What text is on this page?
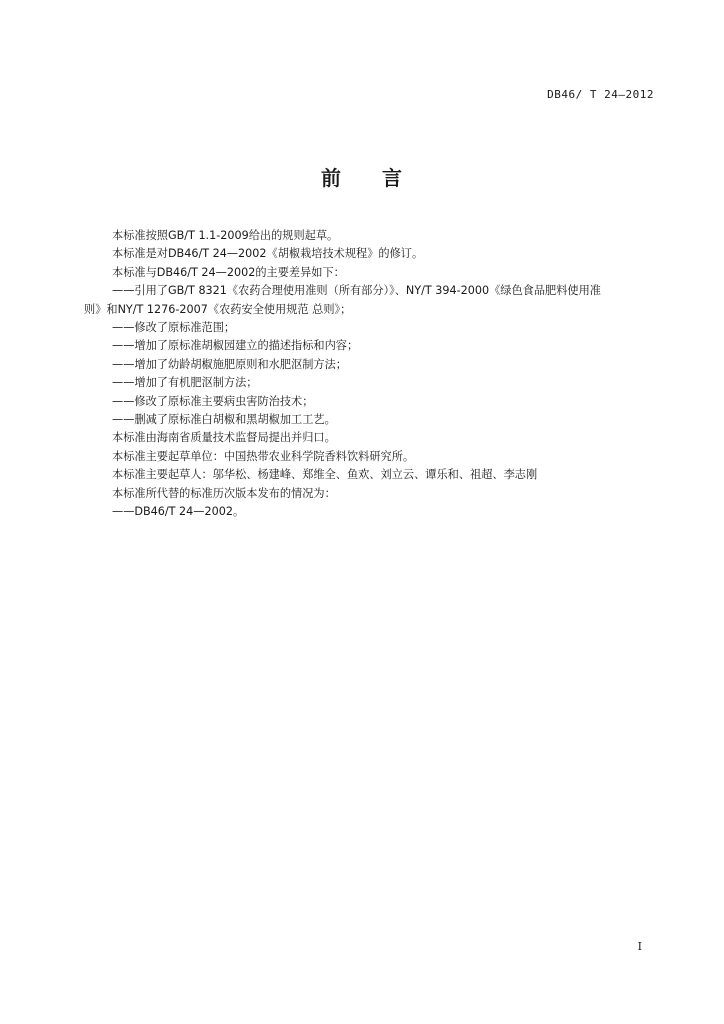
DB46/ T 24—2012
前 言

本标准按照GB/T 1.1-2009给出的规则起草。

本标准是对DB46/T 24—2002《胡椒栽培技术规程》的修订。

本标准与DB46/T 24—2002的主要差异如下：

——引用了GB/T 8321《农药合理使用准则（所有部分）》、NY/T 394-2000《绿色食品肥料使用准

则》和NY/T 1276-2007《农药安全使用规范 总则》；

——修改了原标准范围；

——增加了原标准胡椒园建立的描述指标和内容；

——增加了幼龄胡椒施肥原则和水肥沤制方法；

——增加了有机肥沤制方法；

——修改了原标准主要病虫害防治技术；

——删减了原标准白胡椒和黑胡椒加工工艺。

本标准由海南省质量技术监督局提出并归口。

本标准主要起草单位：中国热带农业科学院香料饮料研究所。

本标准主要起草人：邬华松、杨建峰、郑维全、鱼欢、刘立云、谭乐和、祖超、李志刚

本标准所代替的标准历次版本发布的情况为：

——DB46/T 24—2002。

I
